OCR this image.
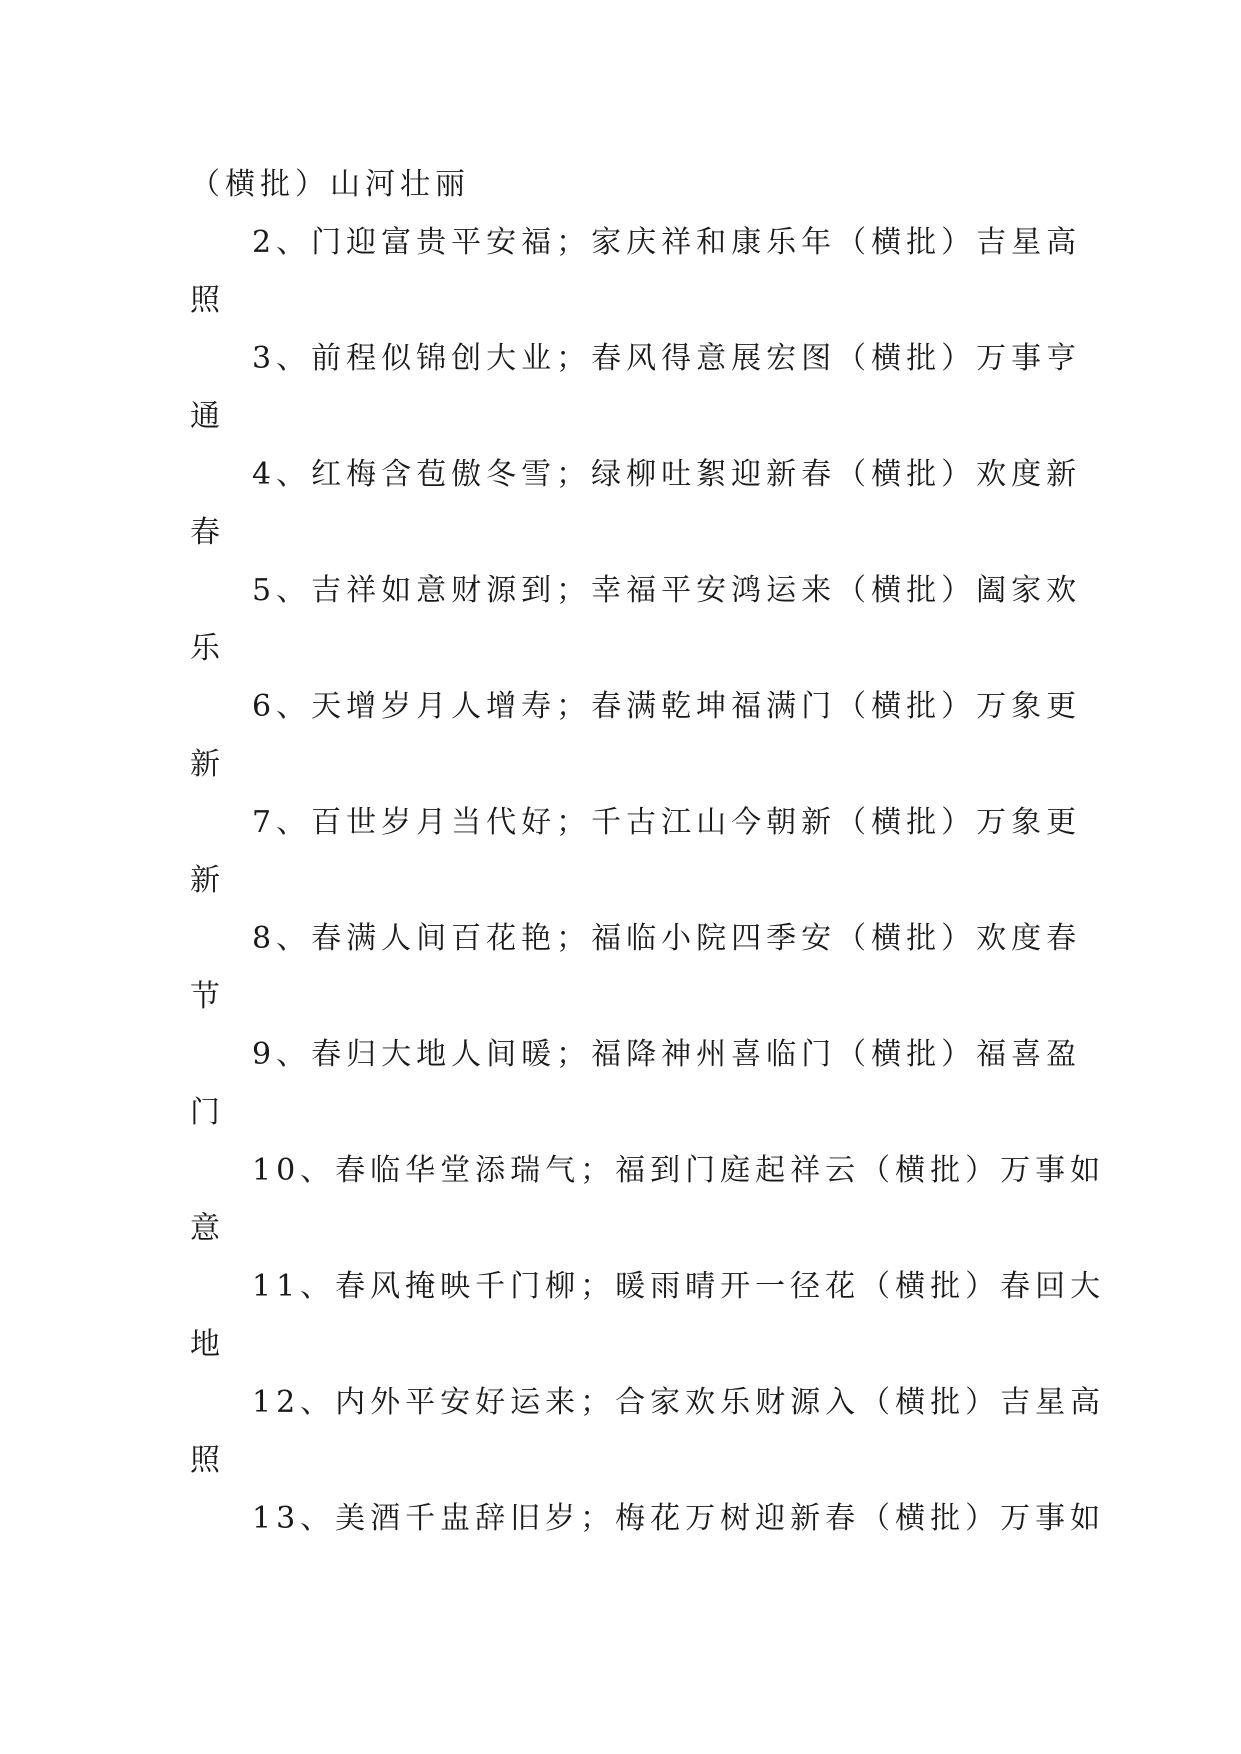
（横批）山河壮丽
2、门迎富贵平安福；家庆祥和康乐年（横批）吉星高
照
3、前程似锦创大业；春风得意展宏图（横批）万事亨
通
4、红梅含苞傲冬雪；绿柳吐絮迎新春（横批）欢度新
春
5、吉祥如意财源到；幸福平安鸿运来（横批）阖家欢
乐
6、天增岁月人增寿；春满乾坤福满门（横批）万象更
新
7、百世岁月当代好；千古江山今朝新（横批）万象更
新
8、春满人间百花艳；福临小院四季安（横批）欢度春
节
9、春归大地人间暖；福降神州喜临门（横批）福喜盈
门
10、春临华堂添瑞气；福到门庭起祥云（横批）万事如
意
11、春风掩映千门柳；暖雨晴开一径花（横批）春回大
地
12、内外平安好运来；合家欢乐财源入（横批）吉星高
照
13、美酒千盅辞旧岁；梅花万树迎新春（横批）万事如
